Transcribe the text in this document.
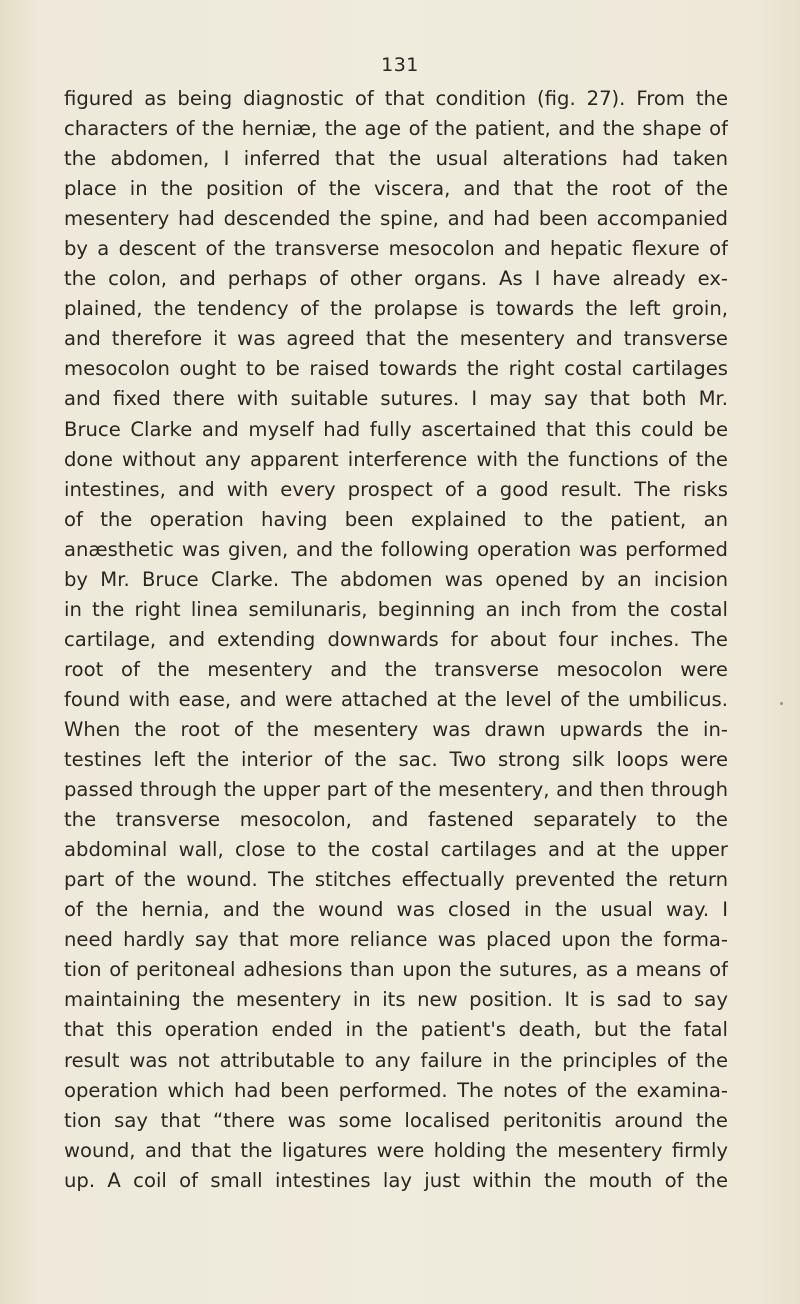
131
figured as being diagnostic of that condition (fig. 27). From the
characters of the herniæ, the age of the patient, and the shape of
the abdomen, I inferred that the usual alterations had taken
place in the position of the viscera, and that the root of the
mesentery had descended the spine, and had been accompanied
by a descent of the transverse mesocolon and hepatic flexure of
the colon, and perhaps of other organs. As I have already ex-
plained, the tendency of the prolapse is towards the left groin,
and therefore it was agreed that the mesentery and transverse
mesocolon ought to be raised towards the right costal cartilages
and fixed there with suitable sutures. I may say that both Mr.
Bruce Clarke and myself had fully ascertained that this could be
done without any apparent interference with the functions of the
intestines, and with every prospect of a good result. The risks
of the operation having been explained to the patient, an
anæsthetic was given, and the following operation was performed
by Mr. Bruce Clarke. The abdomen was opened by an incision
in the right linea semilunaris, beginning an inch from the costal
cartilage, and extending downwards for about four inches. The
root of the mesentery and the transverse mesocolon were
found with ease, and were attached at the level of the umbilicus.
When the root of the mesentery was drawn upwards the in-
testines left the interior of the sac. Two strong silk loops were
passed through the upper part of the mesentery, and then through
the transverse mesocolon, and fastened separately to the
abdominal wall, close to the costal cartilages and at the upper
part of the wound. The stitches effectually prevented the return
of the hernia, and the wound was closed in the usual way. I
need hardly say that more reliance was placed upon the forma-
tion of peritoneal adhesions than upon the sutures, as a means of
maintaining the mesentery in its new position. It is sad to say
that this operation ended in the patient's death, but the fatal
result was not attributable to any failure in the principles of the
operation which had been performed. The notes of the examina-
tion say that “there was some localised peritonitis around the
wound, and that the ligatures were holding the mesentery firmly
up. A coil of small intestines lay just within the mouth of the
